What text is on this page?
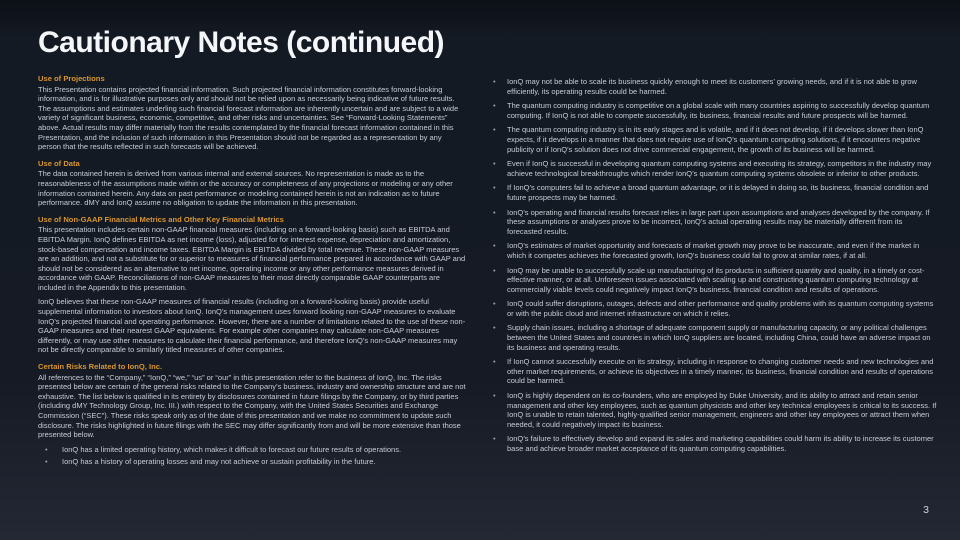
Cautionary Notes (continued)
Use of Projections

This Presentation contains projected financial information. Such projected financial information constitutes forward-looking information, and is for illustrative purposes only and should not be relied upon as necessarily being indicative of future results. The assumptions and estimates underling such financial forecast information are inherently uncertain and are subject to a wide variety of significant business, economic, competitive, and other risks and uncertainties. See “Forward-Looking Statements” above. Actual results may differ materially from the results contemplated by the financial forecast information contained in this Presentation, and the inclusion of such information in this Presentation should not be regarded as a representation by any person that the results reflected in such forecasts will be achieved.

Use of Data

The data contained herein is derived from various internal and external sources. No representation is made as to the reasonableness of the assumptions made within or the accuracy or completeness of any projections or modeling or any other information contained herein. Any data on past performance or modeling contained herein is not an indication as to future performance. dMY and IonQ assume no obligation to update the information in this presentation.

Use of Non-GAAP Financial Metrics and Other Key Financial Metrics

This presentation includes certain non-GAAP financial measures (including on a forward-looking basis) such as EBITDA and EBITDA Margin. IonQ defines EBITDA as net income (loss), adjusted for for interest expense, depreciation and amortization, stock-based compensation and income taxes. EBITDA Margin is EBITDA divided by total revenue. These non-GAAP measures are an addition, and not a substitute for or superior to measures of financial performance prepared in accordance with GAAP and should not be considered as an alternative to net income, operating income or any other performance measures derived in accordance with GAAP. Reconciliations of non-GAAP measures to their most directly comparable GAAP counterparts are included in the Appendix to this presentation.

IonQ believes that these non-GAAP measures of financial results (including on a forward-looking basis) provide useful supplemental information to investors about IonQ. IonQ’s management uses forward looking non-GAAP measures to evaluate IonQ’s projected financial and operating performance. However, there are a number of limitations related to the use of these non-GAAP measures and their nearest GAAP equivalents. For example other companies may calculate non-GAAP measures differently, or may use other measures to calculate their financial performance, and therefore IonQ’s non-GAAP measures may not be directly comparable to similarly titled measures of other companies.

Certain Risks Related to IonQ, Inc.

All references to the “Company,” “IonQ,” “we,” “us” or “our” in this presentation refer to the business of IonQ, Inc. The risks presented below are certain of the general risks related to the Company’s business, industry and ownership structure and are not exhaustive. The list below is qualified in its entirety by disclosures contained in future filings by the Company, or by third parties (including dMY Technology Group, Inc. III.) with respect to the Company, with the United States Securities and Exchange Commission (“SEC”). These risks speak only as of the date of this presentation and we make no commitment to update such disclosure. The risks highlighted in future filings with the SEC may differ significantly from and will be more extensive than those presented below.

• IonQ has a limited operating history, which makes it difficult to forecast our future results of operations.
• IonQ has a history of operating losses and may not achieve or sustain profitability in the future.
• IonQ may not be able to scale its business quickly enough to meet its customers’ growing needs, and if it is not able to grow efficiently, its operating results could be harmed.
• The quantum computing industry is competitive on a global scale with many countries aspiring to successfully develop quantum computing. If IonQ is not able to compete successfully, its business, financial results and future prospects will be harmed.
• The quantum computing industry is in its early stages and is volatile, and if it does not develop, if it develops slower than IonQ expects, if it develops in a manner that does not require use of IonQ’s quantum computing solutions, if it encounters negative publicity or if IonQ’s solution does not drive commercial engagement, the growth of its business will be harmed.
• Even if IonQ is successful in developing quantum computing systems and executing its strategy, competitors in the industry may achieve technological breakthroughs which render IonQ’s quantum computing systems obsolete or inferior to other products.
• If IonQ’s computers fail to achieve a broad quantum advantage, or it is delayed in doing so, its business, financial condition and future prospects may be harmed.
• IonQ’s operating and financial results forecast relies in large part upon assumptions and analyses developed by the company. If these assumptions or analyses prove to be incorrect, IonQ’s actual operating results may be materially different from its forecasted results.
• IonQ’s estimates of market opportunity and forecasts of market growth may prove to be inaccurate, and even if the market in which it competes achieves the forecasted growth, IonQ’s business could fail to grow at similar rates, if at all.
• IonQ may be unable to successfully scale up manufacturing of its products in sufficient quantity and quality, in a timely or cost-effective manner, or at all. Unforeseen issues associated with scaling up and constructing quantum computing technology at commercially viable levels could negatively impact IonQ’s business, financial condition and results of operations.
• IonQ could suffer disruptions, outages, defects and other performance and quality problems with its quantum computing systems or with the public cloud and internet infrastructure on which it relies.
• Supply chain issues, including a shortage of adequate component supply or manufacturing capacity, or any political challenges between the United States and countries in which IonQ suppliers are located, including China, could have an adverse impact on its business and operating results.
• If IonQ cannot successfully execute on its strategy, including in response to changing customer needs and new technologies and other market requirements, or achieve its objectives in a timely manner, its business, financial condition and results of operations could be harmed.
• IonQ is highly dependent on its co-founders, who are employed by Duke University, and its ability to attract and retain senior management and other key employees, such as quantum physicists and other key technical employees is critical to its success. If IonQ is unable to retain talented, highly-qualified senior management, engineers and other key employees or attract them when needed, it could negatively impact its business.
• IonQ’s failure to effectively develop and expand its sales and marketing capabilities could harm its ability to increase its customer base and achieve broader market acceptance of its quantum computing capabilities.
3
